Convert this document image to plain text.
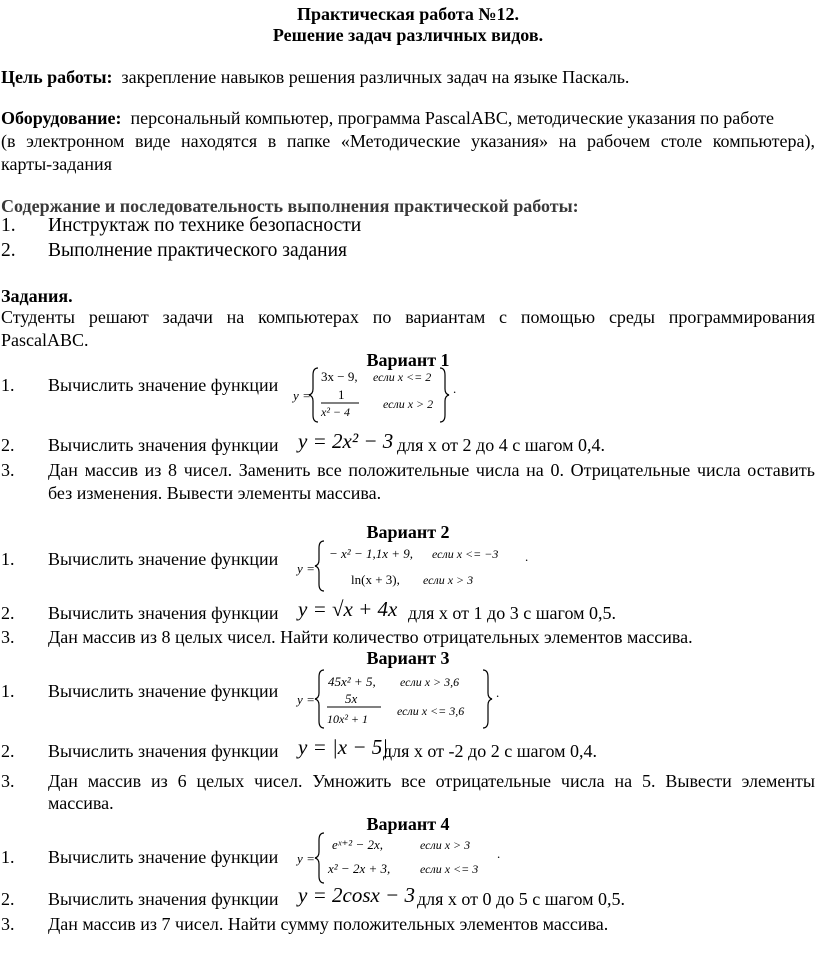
Практическая работа №12.
Решение задач различных видов.
Цель работы: закрепление навыков решения различных задач на языке Паскаль.
Оборудование: персональный компьютер, программа PascalABC, методические указания по работе
(в электронном виде находятся в папке «Методические указания» на рабочем столе компьютера),
карты-задания
Содержание и последовательность выполнения практической работы:
1. Инструктаж по технике безопасности
2. Выполнение практического задания
Задания.
Студенты решают задачи на компьютерах по вариантам с помощью среды программирования
PascalABC.
Вариант 1
1. Вычислить значение функции
y =
3x − 9, если x <= 2
1
x² − 4
если x > 2
.
2. Вычислить значения функции y = 2x² − 3 для х от 2 до 4 с шагом 0,4.
3. Дан массив из 8 чисел. Заменить все положительные числа на 0. Отрицательные числа оставить
без изменения. Вывести элементы массива.
Вариант 2
1. Вычислить значение функции y =
− x² − 1,1x + 9, если x <= −3
ln(x + 3), если x > 3
.
2. Вычислить значения функции y = √x + 4x для х от 1 до 3 с шагом 0,5.
3. Дан массив из 8 целых чисел. Найти количество отрицательных элементов массива.
Вариант 3
1. Вычислить значение функции y =
45x² + 5, если x > 3,6
5x
10x² + 1
если x <= 3,6
.
2. Вычислить значения функции y = |x − 5|
для х от -2 до 2 с шагом 0,4.
3. Дан массив из 6 целых чисел. Умножить все отрицательные числа на 5. Вывести элементы
массива.
Вариант 4
1. Вычислить значение функции y =
eˣ⁺² − 2x,	если x > 3
x² − 2x + 3, если x <= 3
.
2. Вычислить значения функции y = 2cosx − 3 для х от 0 до 5 с шагом 0,5.
3. Дан массив из 7 чисел. Найти сумму положительных элементов массива.
